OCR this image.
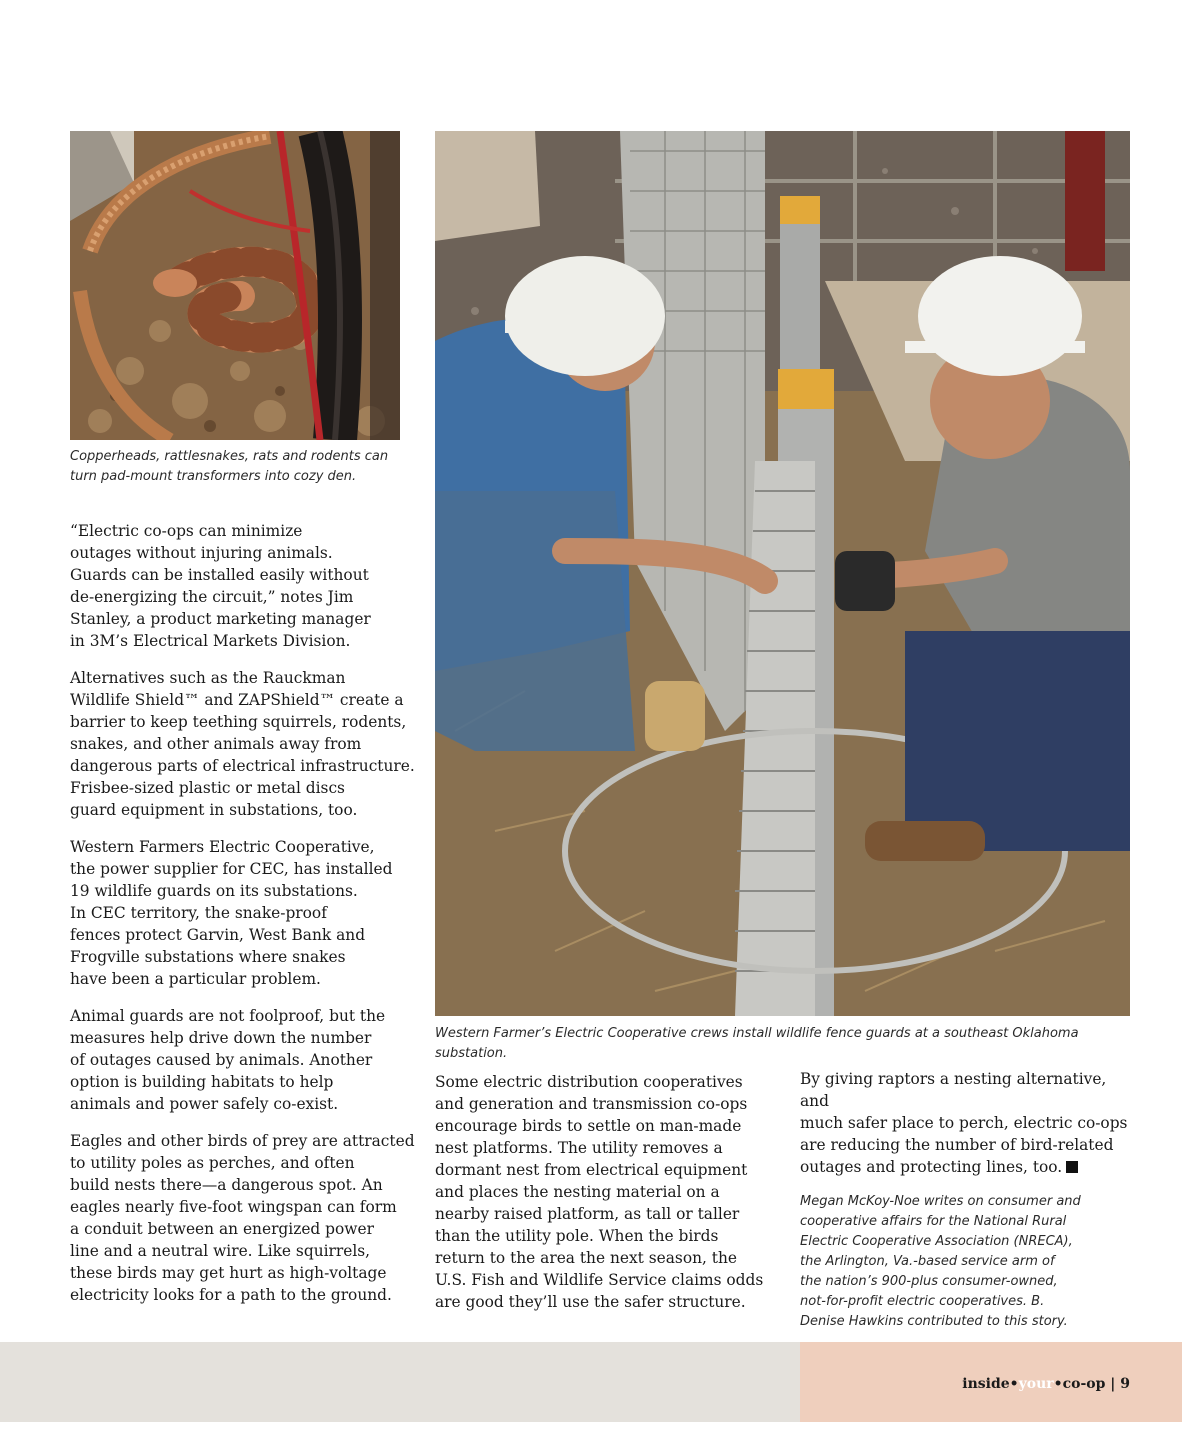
Copperheads, rattlesnakes, rats and rodents can
turn pad-mount transformers into cozy den.
Western Farmer’s Electric Cooperative crews install wildlife fence guards at a southeast Oklahoma substation.

“Electric co-ops can minimize
outages without injuring animals.
Guards can be installed easily without
de-energizing the circuit,” notes Jim
Stanley, a product marketing manager
in 3M’s Electrical Markets Division.

Alternatives such as the Rauckman
Wildlife Shield™ and ZAPShield™ create a
barrier to keep teething squirrels, rodents,
snakes, and other animals away from
dangerous parts of electrical infrastructure.
Frisbee-sized plastic or metal discs
guard equipment in substations, too.

Western Farmers Electric Cooperative,
the power supplier for CEC, has installed
19 wildlife guards on its substations.
In CEC territory, the snake-proof
fences protect Garvin, West Bank and
Frogville substations where snakes
have been a particular problem.

Animal guards are not foolproof, but the
measures help drive down the number
of outages caused by animals. Another
option is building habitats to help
animals and power safely co-exist.

Eagles and other birds of prey are attracted
to utility poles as perches, and often
build nests there—a dangerous spot. An
eagles nearly five-foot wingspan can form
a conduit between an energized power
line and a neutral wire. Like squirrels,
these birds may get hurt as high-voltage
electricity looks for a path to the ground.

Some electric distribution cooperatives
and generation and transmission co-ops
encourage birds to settle on man-made
nest platforms. The utility removes a
dormant nest from electrical equipment
and places the nesting material on a
nearby raised platform, as tall or taller
than the utility pole. When the birds
return to the area the next season, the
U.S. Fish and Wildlife Service claims odds
are good they’ll use the safer structure.

By giving raptors a nesting alternative, and
much safer place to perch, electric co-ops
are reducing the number of bird-related
outages and protecting lines, too.

Megan McKoy-Noe writes on consumer and
cooperative affairs for the National Rural
Electric Cooperative Association (NRECA),
the Arlington, Va.-based service arm of
the nation’s 900-plus consumer-owned,
not-for-profit electric cooperatives. B.
Denise Hawkins contributed to this story.

inside•your•co-op | 9
